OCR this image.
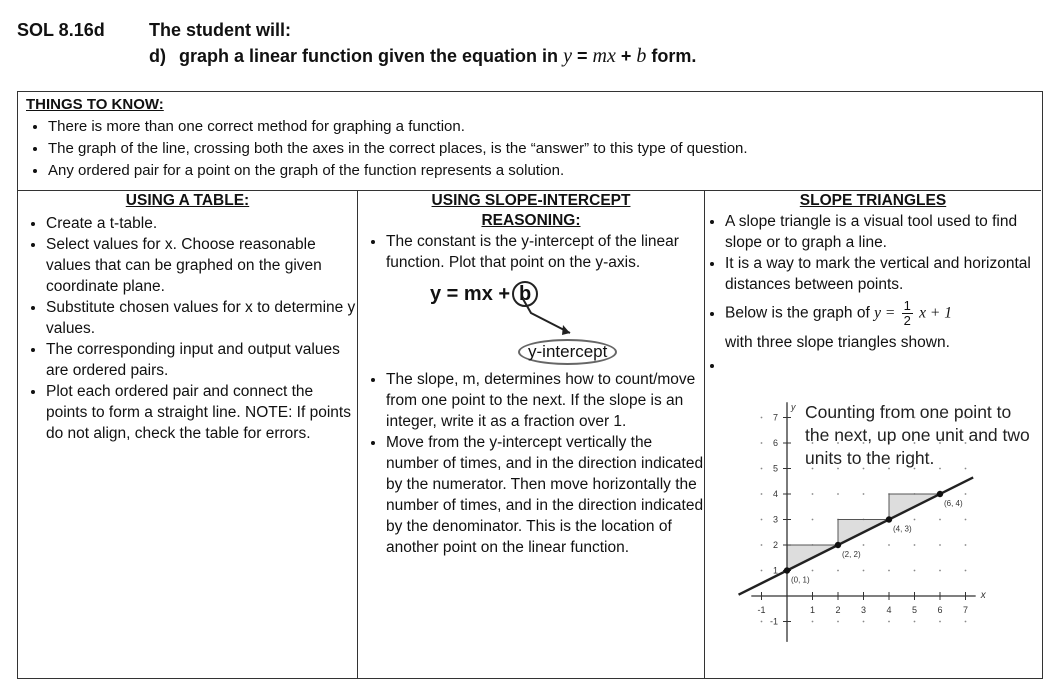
SOL 8.16d The student will:
d) graph a linear function given the equation in y = mx + b form.
THINGS TO KNOW:
• There is more than one correct method for graphing a function.
• The graph of the line, crossing both the axes in the correct places, is the “answer” to this type of question.
• Any ordered pair for a point on the graph of the function represents a solution.
USING A TABLE:
• Create a t-table.
• Select values for x. Choose reasonable values that can be graphed on the given coordinate plane.
• Substitute chosen values for x to determine y values.
• The corresponding input and output values are ordered pairs.
• Plot each ordered pair and connect the points to form a straight line. NOTE: If points do not align, check the table for errors.
USING SLOPE-INTERCEPT
REASONING:
• The constant is the y-intercept of the linear function. Plot that point on the y-axis.
y = mx + b
y-intercept
• The slope, m, determines how to count/move from one point to the next. If the slope is an integer, write it as a fraction over 1.
• Move from the y-intercept vertically the number of times, and in the direction indicated by the numerator. Then move horizontally the number of times, and in the direction indicated by the denominator. This is the location of another point on the linear function.
SLOPE TRIANGLES
• A slope triangle is a visual tool used to find slope or to graph a line.
• It is a way to mark the vertical and horizontal distances between points.
• Below is the graph of $y = \frac{1}{2}$ x + 1
with three slope triangles shown.
•
-1	1 2 3 4 5 6 7
-1
1
2
3
4
5
6
7
x
y
(0, 1)
(2, 2)
(4, 3)
(6, 4)
Counting from one point to the next, up one unit and two units to the right.
